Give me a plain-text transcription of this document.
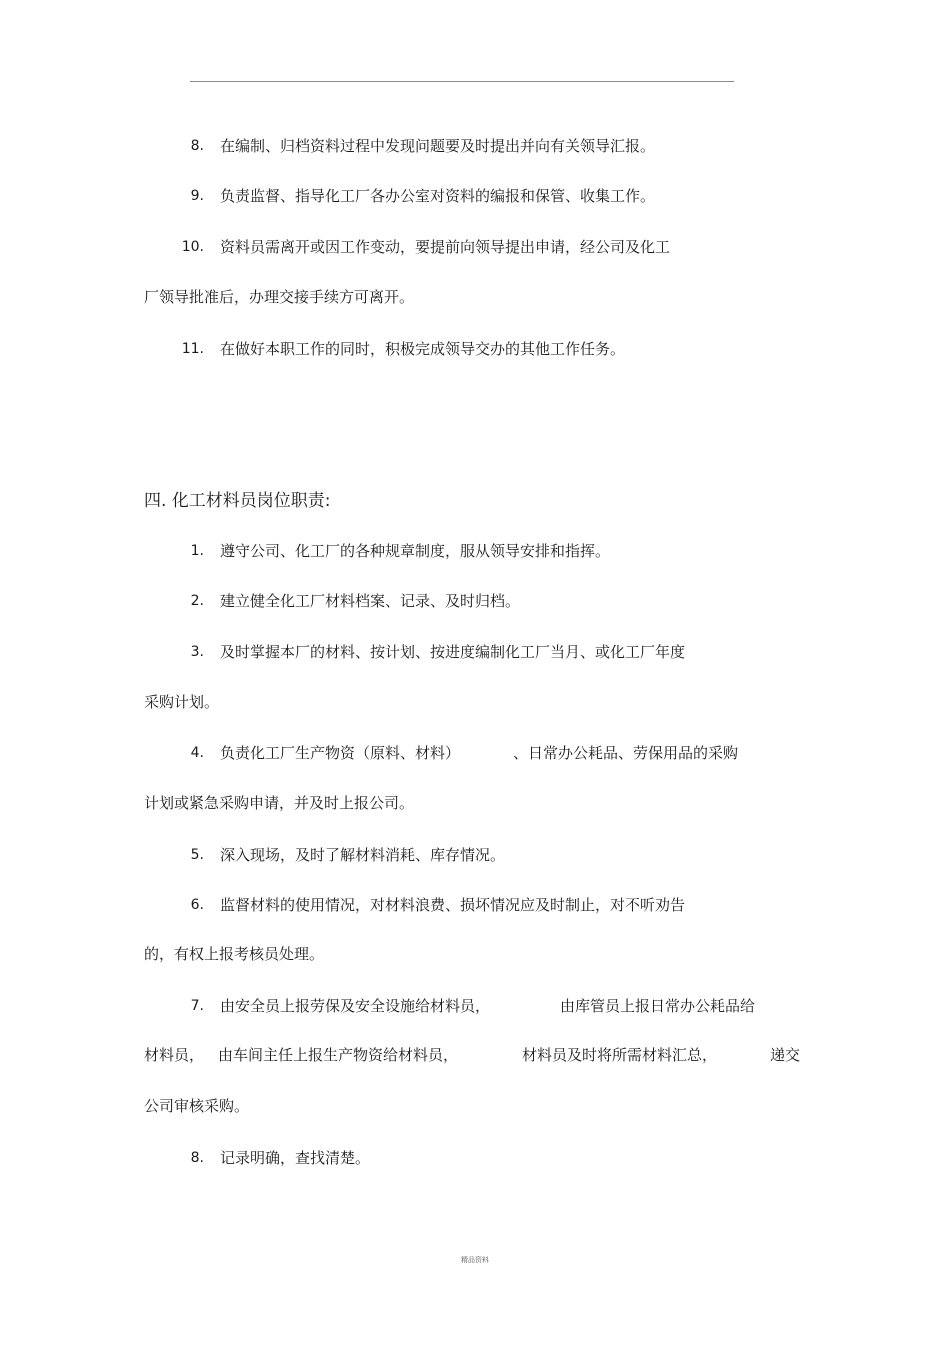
8. 在编制、归档资料过程中发现问题要及时提出并向有关领导汇报。
9. 负责监督、指导化工厂各办公室对资料的编报和保管、收集工作。
10. 资料员需离开或因工作变动，要提前向领导提出申请，经公司及化工
厂领导批准后，办理交接手续方可离开。
11. 在做好本职工作的同时，积极完成领导交办的其他工作任务。
四. 化工材料员岗位职责:
1. 遵守公司、化工厂的各种规章制度，服从领导安排和指挥。
2. 建立健全化工厂材料档案、记录、及时归档。
3. 及时掌握本厂的材料、按计划、按进度编制化工厂当月、或化工厂年度
采购计划。
4. 负责化工厂生产物资（原料、材料）	、日常办公耗品、劳保用品的采购
计划或紧急采购申请，并及时上报公司。
5. 深入现场，及时了解材料消耗、库存情况。
6. 监督材料的使用情况，对材料浪费、损坏情况应及时制止，对不听劝告
的，有权上报考核员处理。
7. 由安全员上报劳保及安全设施给材料员，	由库管员上报日常办公耗品给
材料员， 由车间主任上报生产物资给材料员，	材料员及时将所需材料汇总，	递交
公司审核采购。
8. 记录明确，查找清楚。
精品资料
